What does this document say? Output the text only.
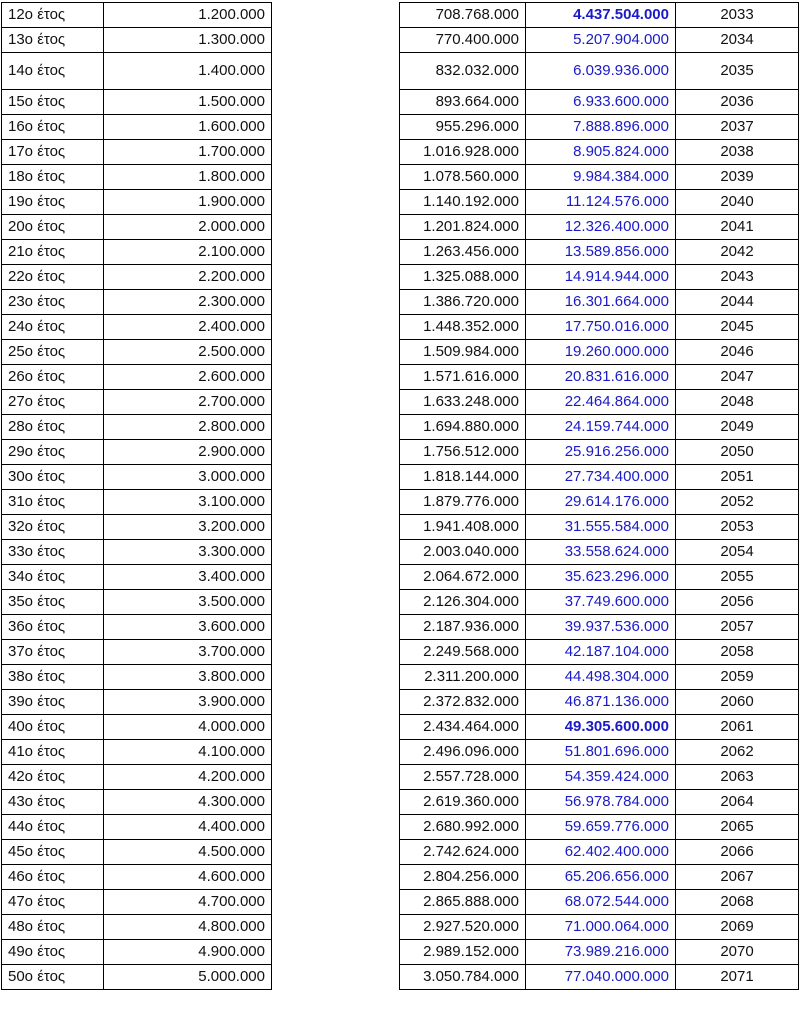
12ο έτος	1.200.000		708.768.000	4.437.504.000	2033
13ο έτος	1.300.000		770.400.000	5.207.904.000	2034
14ο έτος	1.400.000		832.032.000	6.039.936.000	2035
15ο έτος	1.500.000		893.664.000	6.933.600.000	2036
16ο έτος	1.600.000		955.296.000	7.888.896.000	2037
17ο έτος	1.700.000		1.016.928.000	8.905.824.000	2038
18ο έτος	1.800.000		1.078.560.000	9.984.384.000	2039
19ο έτος	1.900.000		1.140.192.000	11.124.576.000	2040
20ο έτος	2.000.000		1.201.824.000	12.326.400.000	2041
21ο έτος	2.100.000		1.263.456.000	13.589.856.000	2042
22ο έτος	2.200.000		1.325.088.000	14.914.944.000	2043
23ο έτος	2.300.000		1.386.720.000	16.301.664.000	2044
24ο έτος	2.400.000		1.448.352.000	17.750.016.000	2045
25ο έτος	2.500.000		1.509.984.000	19.260.000.000	2046
26ο έτος	2.600.000		1.571.616.000	20.831.616.000	2047
27ο έτος	2.700.000		1.633.248.000	22.464.864.000	2048
28ο έτος	2.800.000		1.694.880.000	24.159.744.000	2049
29ο έτος	2.900.000		1.756.512.000	25.916.256.000	2050
30ο έτος	3.000.000		1.818.144.000	27.734.400.000	2051
31ο έτος	3.100.000		1.879.776.000	29.614.176.000	2052
32ο έτος	3.200.000		1.941.408.000	31.555.584.000	2053
33ο έτος	3.300.000		2.003.040.000	33.558.624.000	2054
34ο έτος	3.400.000		2.064.672.000	35.623.296.000	2055
35ο έτος	3.500.000		2.126.304.000	37.749.600.000	2056
36ο έτος	3.600.000		2.187.936.000	39.937.536.000	2057
37ο έτος	3.700.000		2.249.568.000	42.187.104.000	2058
38ο έτος	3.800.000		2.311.200.000	44.498.304.000	2059
39ο έτος	3.900.000		2.372.832.000	46.871.136.000	2060
40ο έτος	4.000.000		2.434.464.000	49.305.600.000	2061
41ο έτος	4.100.000		2.496.096.000	51.801.696.000	2062
42ο έτος	4.200.000		2.557.728.000	54.359.424.000	2063
43ο έτος	4.300.000		2.619.360.000	56.978.784.000	2064
44ο έτος	4.400.000		2.680.992.000	59.659.776.000	2065
45ο έτος	4.500.000		2.742.624.000	62.402.400.000	2066
46ο έτος	4.600.000		2.804.256.000	65.206.656.000	2067
47ο έτος	4.700.000		2.865.888.000	68.072.544.000	2068
48ο έτος	4.800.000		2.927.520.000	71.000.064.000	2069
49ο έτος	4.900.000		2.989.152.000	73.989.216.000	2070
50ο έτος	5.000.000		3.050.784.000	77.040.000.000	2071
